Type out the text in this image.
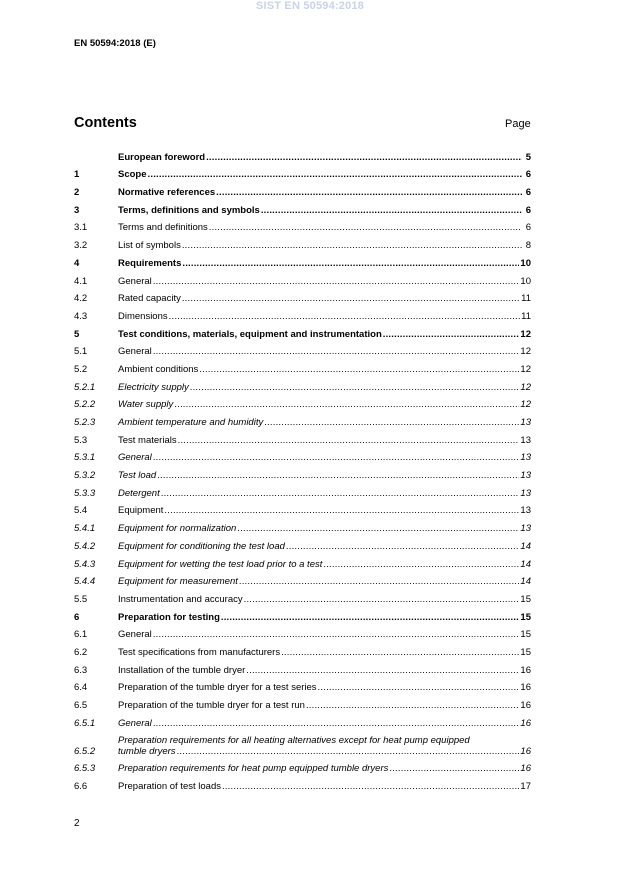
SIST EN 50594:2018
EN 50594:2018 (E)
Contents	Page
European foreword .....	5
1	Scope .....	6
2	Normative references .....	6
3	Terms, definitions and symbols .....	6
3.1	Terms and definitions .....	6
3.2	List of symbols .....	8
4	Requirements .....	10
4.1	General .....	10
4.2	Rated capacity .....	11
4.3	Dimensions .....	11
5	Test conditions, materials, equipment and instrumentation .....	12
5.1	General .....	12
5.2	Ambient conditions .....	12
5.2.1	Electricity supply .....	12
5.2.2	Water supply .....	12
5.2.3	Ambient temperature and humidity .....	13
5.3	Test materials .....	13
5.3.1	General .....	13
5.3.2	Test load .....	13
5.3.3	Detergent .....	13
5.4	Equipment .....	13
5.4.1	Equipment for normalization .....	13
5.4.2	Equipment for conditioning the test load .....	14
5.4.3	Equipment for wetting the test load prior to a test .....	14
5.4.4	Equipment for measurement .....	14
5.5	Instrumentation and accuracy .....	15
6	Preparation for testing .....	15
6.1	General .....	15
6.2	Test specifications from manufacturers .....	15
6.3	Installation of the tumble dryer .....	16
6.4	Preparation of the tumble dryer for a test series .....	16
6.5	Preparation of the tumble dryer for a test run .....	16
6.5.1	General .....	16
6.5.2
Preparation requirements for all heating alternatives except for heat pump equipped
tumble dryers .....	16
6.5.3	Preparation requirements for heat pump equipped tumble dryers .....	16
6.6	Preparation of test loads .....	17
2
